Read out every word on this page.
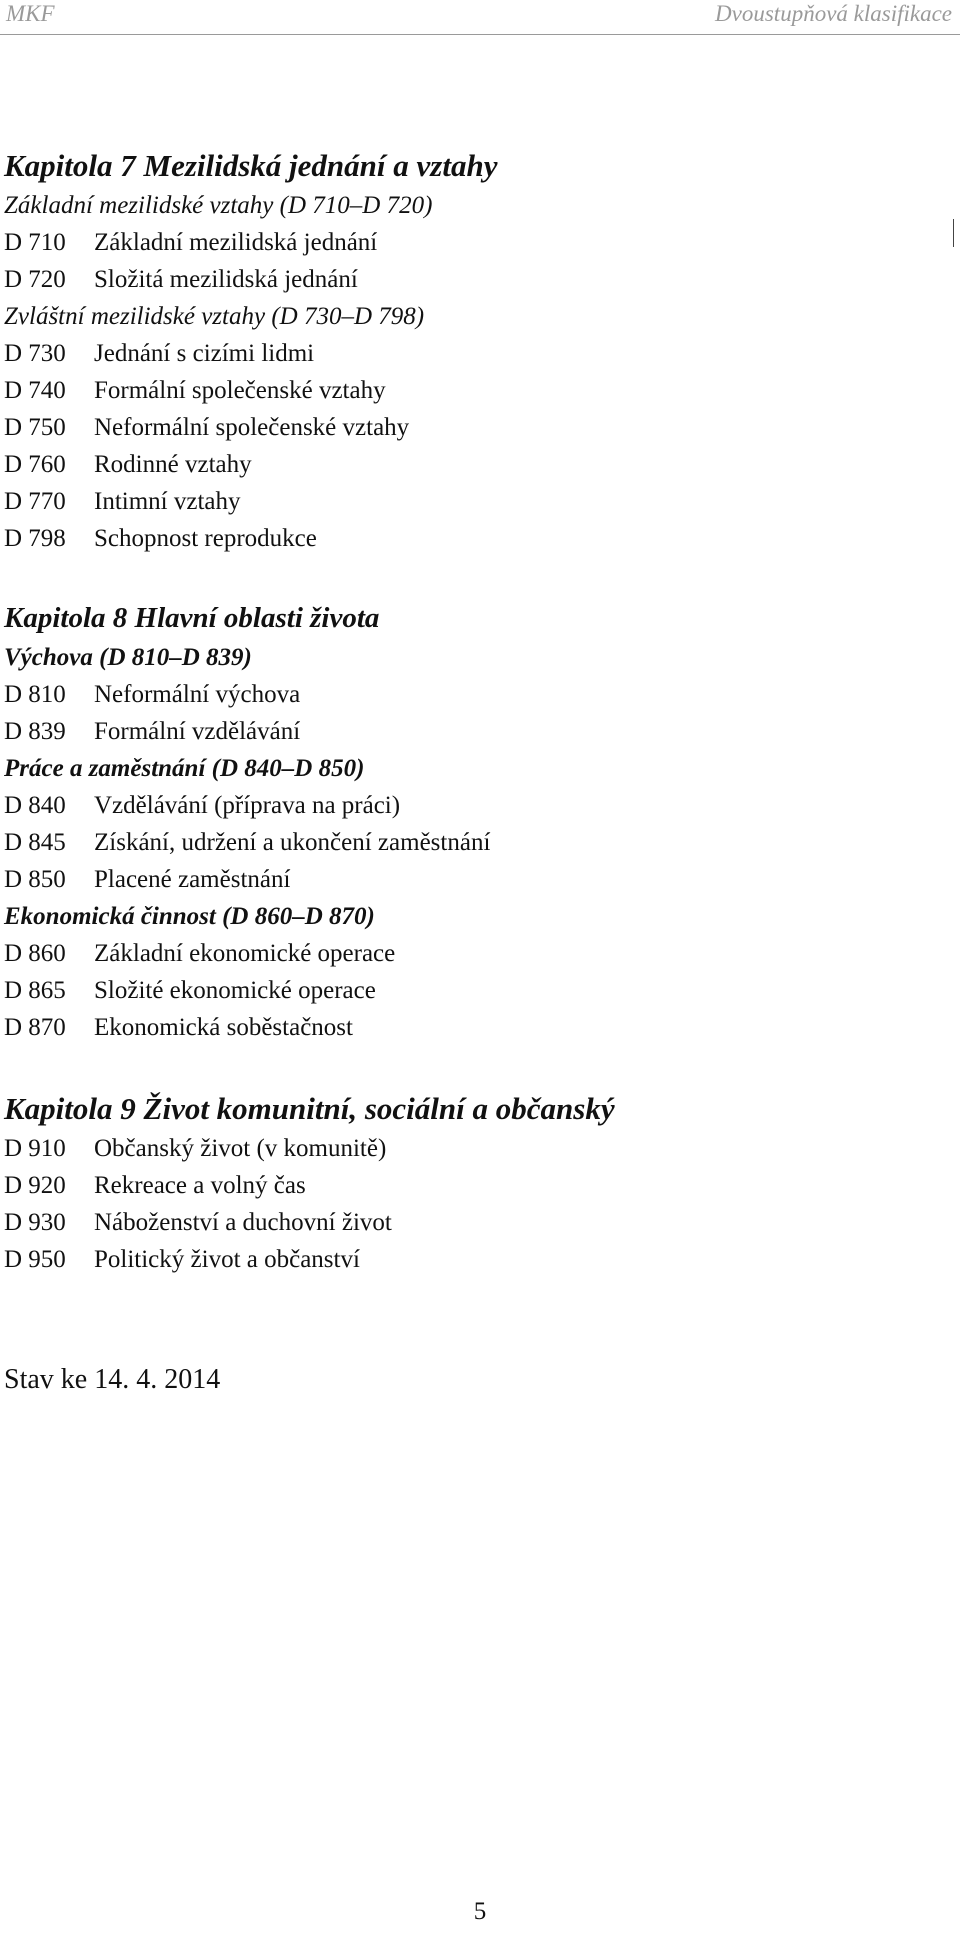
MKF	Dvoustupňová klasifikace
Kapitola 7 Mezilidská jednání a vztahy
Základní mezilidské vztahy (D 710–D 720)
D 710	Základní mezilidská jednání
D 720	Složitá mezilidská jednání
Zvláštní mezilidské vztahy (D 730–D 798)
D 730	Jednání s cizími lidmi
D 740	Formální společenské vztahy
D 750	Neformální společenské vztahy
D 760	Rodinné vztahy
D 770	Intimní vztahy
D 798	Schopnost reprodukce
Kapitola 8 Hlavní oblasti života
Výchova (D 810–D 839)
D 810	Neformální výchova
D 839	Formální vzdělávání
Práce a zaměstnání (D 840–D 850)
D 840	Vzdělávání (příprava na práci)
D 845	Získání, udržení a ukončení zaměstnání
D 850	Placené zaměstnání
Ekonomická činnost (D 860–D 870)
D 860	Základní ekonomické operace
D 865	Složité ekonomické operace
D 870	Ekonomická soběstačnost
Kapitola 9 Život komunitní, sociální a občanský
D 910	Občanský život (v komunitě)
D 920	Rekreace a volný čas
D 930	Náboženství a duchovní život
D 950	Politický život a občanství

Stav ke 14. 4. 2014

5
